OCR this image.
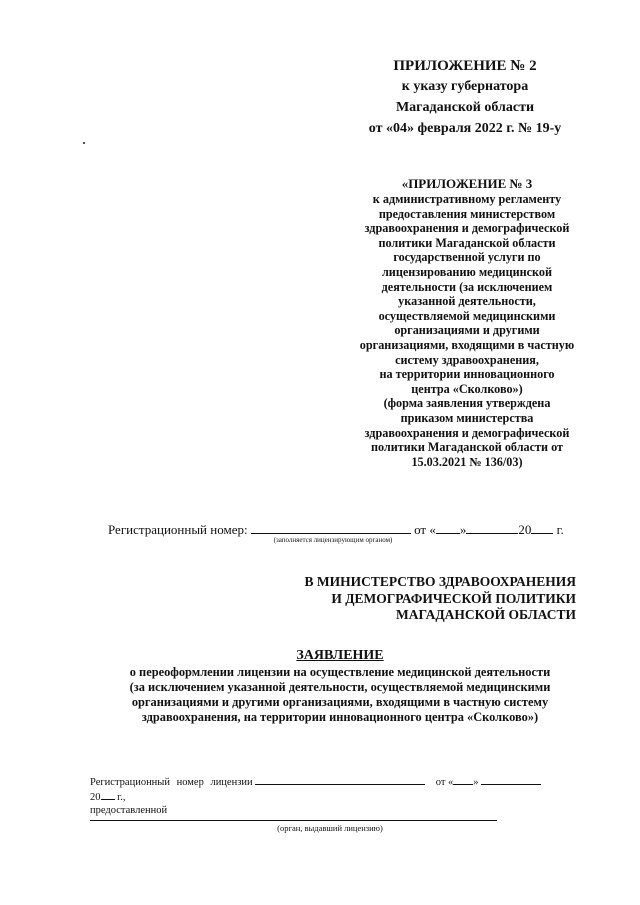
ПРИЛОЖЕНИЕ № 2
к указу губернатора
Магаданской области
от «04» февраля 2022 г. № 19-у
«ПРИЛОЖЕНИЕ № 3
к административному регламенту
предоставления министерством
здравоохранения и демографической
политики Магаданской области
государственной услуги по
лицензированию медицинской
деятельности (за исключением
указанной деятельности,
осуществляемой медицинскими
организациями и другими
организациями, входящими в частную
систему здравоохранения,
на территории инновационного
центра «Сколково»)
(форма заявления утверждена
приказом министерства
здравоохранения и демографической
политики Магаданской области от
15.03.2021 № 136/03)
Регистрационный номер:	от « »	20 г.
(заполняется лицензирующим органом)
В МИНИСТЕРСТВО ЗДРАВООХРАНЕНИЯ
И ДЕМОГРАФИЧЕСКОЙ ПОЛИТИКИ
МАГАДАНСКОЙ ОБЛАСТИ
ЗАЯВЛЕНИЕ
о переоформлении лицензии на осуществление медицинской деятельности
(за исключением указанной деятельности, осуществляемой медицинскими
организациями и другими организациями, входящими в частную систему
здравоохранения, на территории инновационного центра «Сколково»)
Регистрационный номер лицензии	от « »
20 г.,
предоставленной
(орган, выдавший лицензию)
